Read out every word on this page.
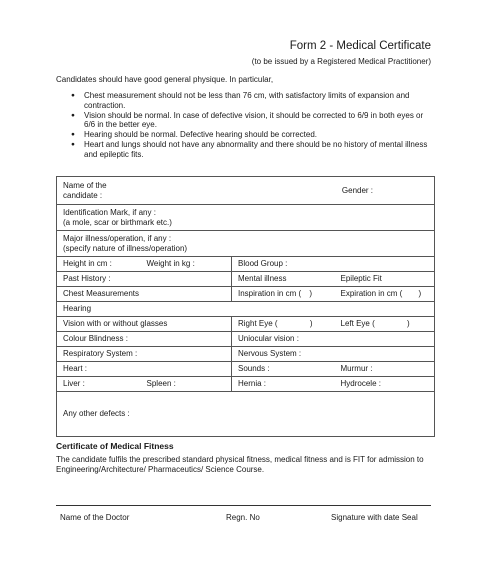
Form 2 - Medical Certificate
(to be issued by a Registered Medical Practitioner)
Candidates should have good general physique. In particular,
● Chest measurement should not be less than 76 cm, with satisfactory limits of expansion and contraction.
● Vision should be normal. In case of defective vision, it should be corrected to 6/9 in both eyes or 6/6 in the better eye.
● Hearing should be normal. Defective hearing should be corrected.
● Heart and lungs should not have any abnormality and there should be no history of mental illness and epileptic fits.
Name of the
candidate :
Gender :			

Identification Mark, if any :
(a mole, scar or birthmark etc.)			

Major illness/operation, if any :
(specify nature of illness/operation)			

Height in cm :	Weight in kg :	Blood Group :	
Past History :		Mental illness	Epileptic Fit
Chest Measurements		Inspiration in cm ( )	Expiration in cm ( )
Hearing			
Vision with or without glasses		Right Eye ( )	Left Eye ( )
Colour Blindness :		Uniocular vision :	
Respiratory System :		Nervous System :	
Heart :		Sounds :	Murmur :
Liver :	Spleen :	Hernia :	Hydrocele :
Any other defects :			
Certificate of Medical Fitness
The candidate fulfils the prescribed standard physical fitness, medical fitness and is FIT for admission to Engineering/Architecture/ Pharmaceutics/ Science Course.
Name of the Doctor	Regn. No	Signature with date Seal
